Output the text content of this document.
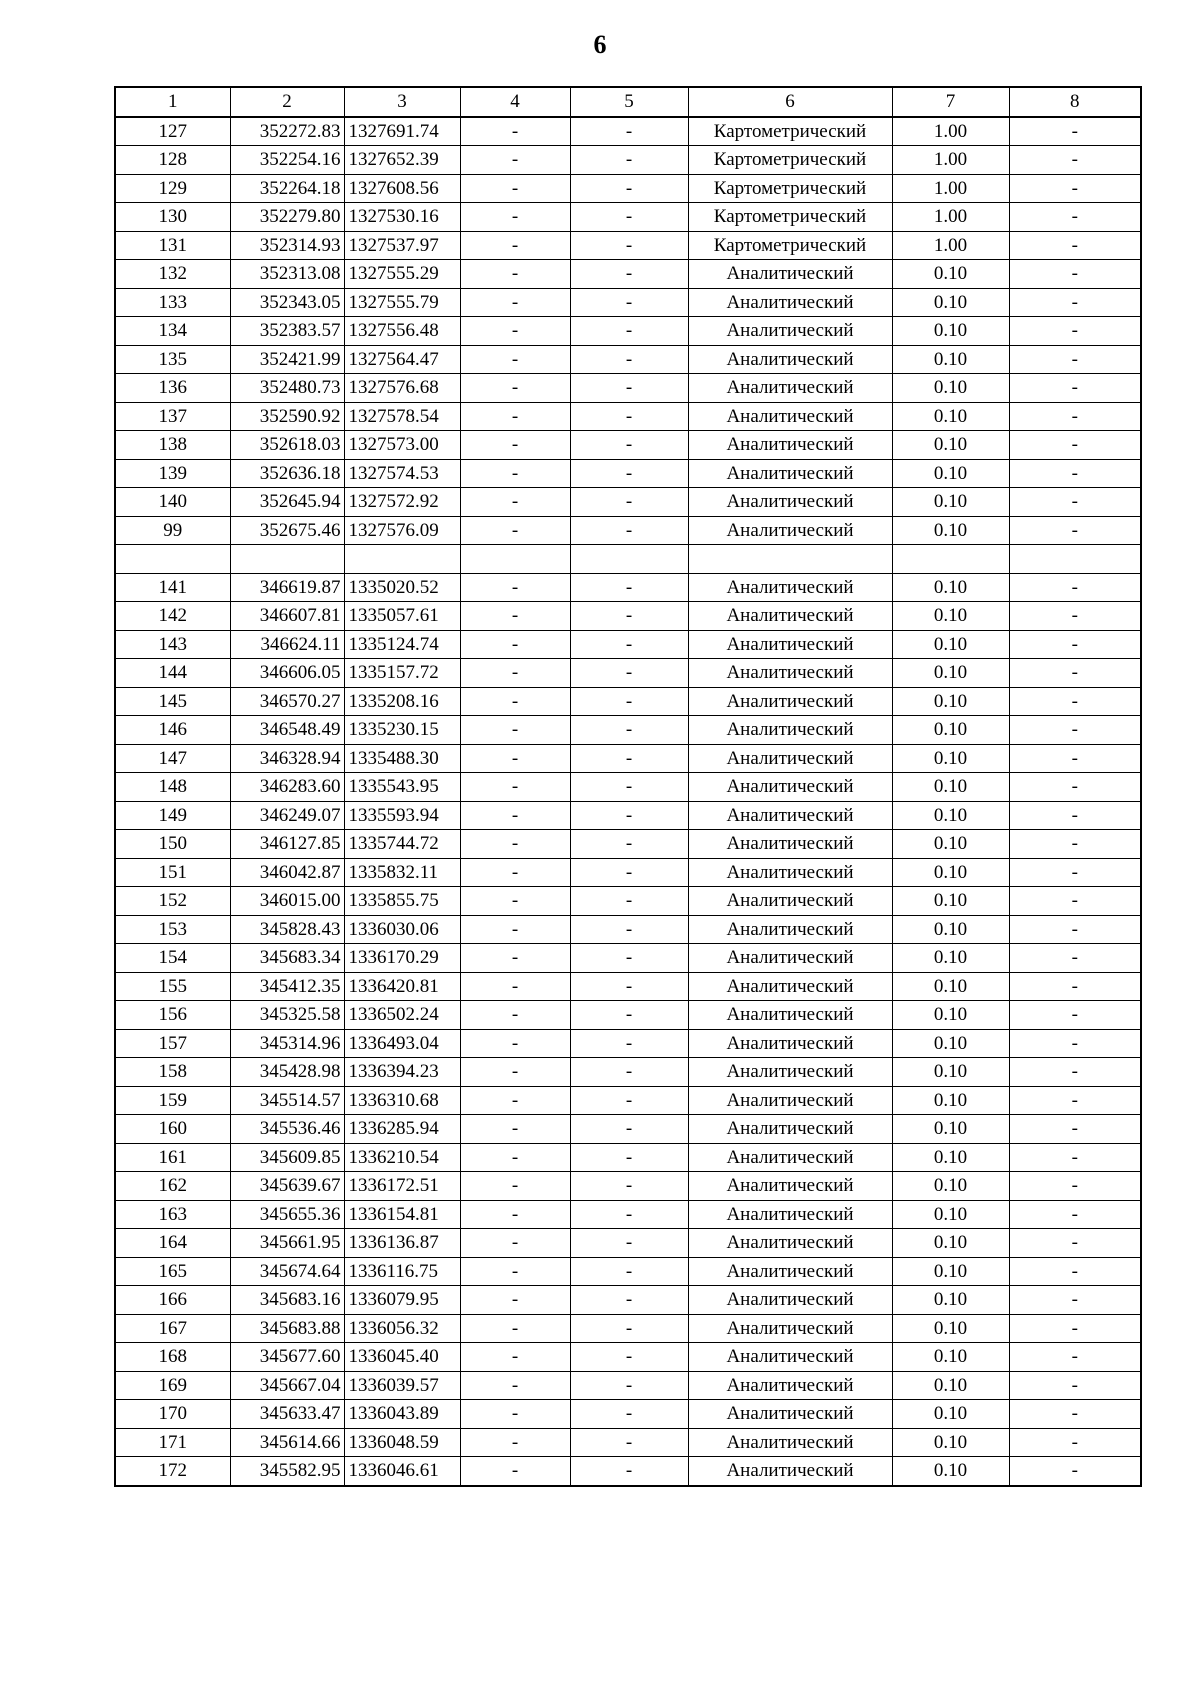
6
1	2	3	4	5	6	7	8
127	352272.83	1327691.74	-	-	Картометрический	1.00	-
128	352254.16	1327652.39	-	-	Картометрический	1.00	-
129	352264.18	1327608.56	-	-	Картометрический	1.00	-
130	352279.80	1327530.16	-	-	Картометрический	1.00	-
131	352314.93	1327537.97	-	-	Картометрический	1.00	-
132	352313.08	1327555.29	-	-	Аналитический	0.10	-
133	352343.05	1327555.79	-	-	Аналитический	0.10	-
134	352383.57	1327556.48	-	-	Аналитический	0.10	-
135	352421.99	1327564.47	-	-	Аналитический	0.10	-
136	352480.73	1327576.68	-	-	Аналитический	0.10	-
137	352590.92	1327578.54	-	-	Аналитический	0.10	-
138	352618.03	1327573.00	-	-	Аналитический	0.10	-
139	352636.18	1327574.53	-	-	Аналитический	0.10	-
140	352645.94	1327572.92	-	-	Аналитический	0.10	-
99	352675.46	1327576.09	-	-	Аналитический	0.10	-

141	346619.87	1335020.52	-	-	Аналитический	0.10	-
142	346607.81	1335057.61	-	-	Аналитический	0.10	-
143	346624.11	1335124.74	-	-	Аналитический	0.10	-
144	346606.05	1335157.72	-	-	Аналитический	0.10	-
145	346570.27	1335208.16	-	-	Аналитический	0.10	-
146	346548.49	1335230.15	-	-	Аналитический	0.10	-
147	346328.94	1335488.30	-	-	Аналитический	0.10	-
148	346283.60	1335543.95	-	-	Аналитический	0.10	-
149	346249.07	1335593.94	-	-	Аналитический	0.10	-
150	346127.85	1335744.72	-	-	Аналитический	0.10	-
151	346042.87	1335832.11	-	-	Аналитический	0.10	-
152	346015.00	1335855.75	-	-	Аналитический	0.10	-
153	345828.43	1336030.06	-	-	Аналитический	0.10	-
154	345683.34	1336170.29	-	-	Аналитический	0.10	-
155	345412.35	1336420.81	-	-	Аналитический	0.10	-
156	345325.58	1336502.24	-	-	Аналитический	0.10	-
157	345314.96	1336493.04	-	-	Аналитический	0.10	-
158	345428.98	1336394.23	-	-	Аналитический	0.10	-
159	345514.57	1336310.68	-	-	Аналитический	0.10	-
160	345536.46	1336285.94	-	-	Аналитический	0.10	-
161	345609.85	1336210.54	-	-	Аналитический	0.10	-
162	345639.67	1336172.51	-	-	Аналитический	0.10	-
163	345655.36	1336154.81	-	-	Аналитический	0.10	-
164	345661.95	1336136.87	-	-	Аналитический	0.10	-
165	345674.64	1336116.75	-	-	Аналитический	0.10	-
166	345683.16	1336079.95	-	-	Аналитический	0.10	-
167	345683.88	1336056.32	-	-	Аналитический	0.10	-
168	345677.60	1336045.40	-	-	Аналитический	0.10	-
169	345667.04	1336039.57	-	-	Аналитический	0.10	-
170	345633.47	1336043.89	-	-	Аналитический	0.10	-
171	345614.66	1336048.59	-	-	Аналитический	0.10	-
172	345582.95	1336046.61	-	-	Аналитический	0.10	-
